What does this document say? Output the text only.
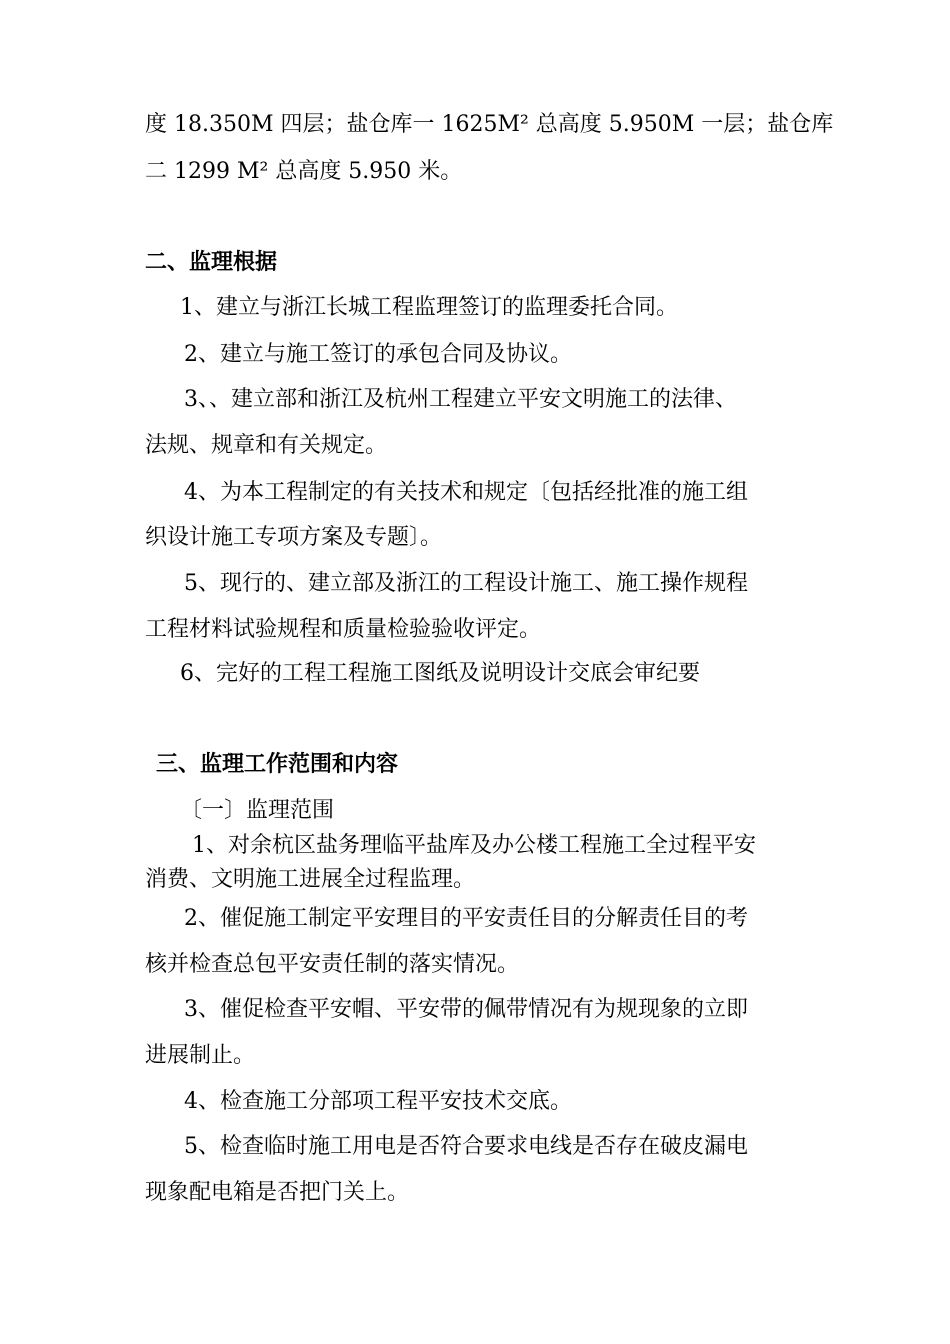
度 18.350M 四层；盐仓库一 1625M² 总高度 5.950M 一层；盐仓库
二 1299 M² 总高度 5.950 米。
二、监理根据
1、建立与浙江长城工程监理签订的监理委托合同。
2、建立与施工签订的承包合同及协议。
3、、建立部和浙江及杭州工程建立平安文明施工的法律、
法规、规章和有关规定。
4、为本工程制定的有关技术和规定〔包括经批准的施工组
织设计施工专项方案及专题〕。
5、现行的、建立部及浙江的工程设计施工、施工操作规程
工程材料试验规程和质量检验验收评定。
6、完好的工程工程施工图纸及说明设计交底会审纪要
三、监理工作范围和内容
〔一〕监理范围
1、对余杭区盐务理临平盐库及办公楼工程施工全过程平安
消费、文明施工进展全过程监理。
2、催促施工制定平安理目的平安责任目的分解责任目的考
核并检查总包平安责任制的落实情况。
3、催促检查平安帽、平安带的佩带情况有为规现象的立即
进展制止。
4、检查施工分部项工程平安技术交底。
5、检查临时施工用电是否符合要求电线是否存在破皮漏电
现象配电箱是否把门关上。
